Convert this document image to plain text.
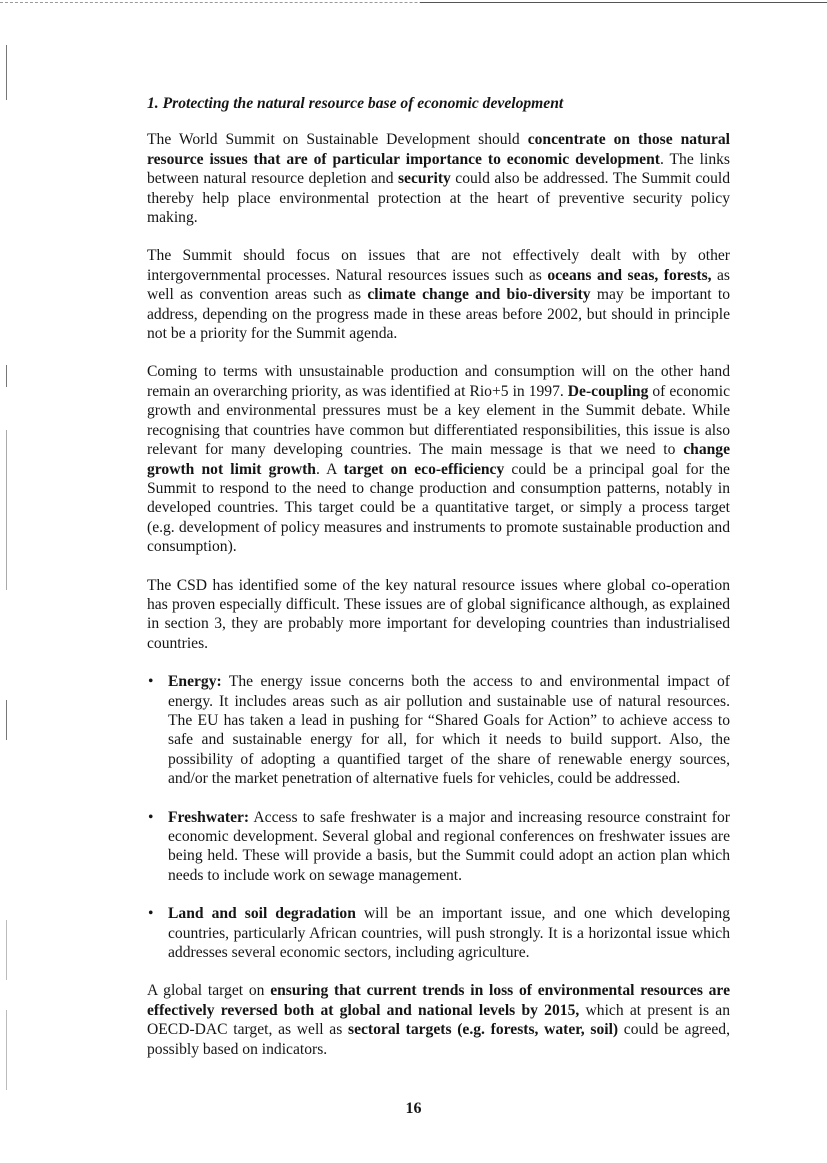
1. Protecting the natural resource base of economic development

The World Summit on Sustainable Development should concentrate on those natural resource issues that are of particular importance to economic development. The links between natural resource depletion and security could also be addressed. The Summit could thereby help place environmental protection at the heart of preventive security policy making.

The Summit should focus on issues that are not effectively dealt with by other intergovernmental processes. Natural resources issues such as oceans and seas, forests, as well as convention areas such as climate change and bio-diversity may be important to address, depending on the progress made in these areas before 2002, but should in principle not be a priority for the Summit agenda.

Coming to terms with unsustainable production and consumption will on the other hand remain an overarching priority, as was identified at Rio+5 in 1997. De-coupling of economic growth and environmental pressures must be a key element in the Summit debate. While recognising that countries have common but differentiated responsibilities, this issue is also relevant for many developing countries. The main message is that we need to change growth not limit growth. A target on eco-efficiency could be a principal goal for the Summit to respond to the need to change production and consumption patterns, notably in developed countries. This target could be a quantitative target, or simply a process target (e.g. development of policy measures and instruments to promote sustainable production and consumption).

The CSD has identified some of the key natural resource issues where global co-operation has proven especially difficult. These issues are of global significance although, as explained in section 3, they are probably more important for developing countries than industrialised countries.

• Energy: The energy issue concerns both the access to and environmental impact of energy. It includes areas such as air pollution and sustainable use of natural resources. The EU has taken a lead in pushing for “Shared Goals for Action” to achieve access to safe and sustainable energy for all, for which it needs to build support. Also, the possibility of adopting a quantified target of the share of renewable energy sources, and/or the market penetration of alternative fuels for vehicles, could be addressed.
• Freshwater: Access to safe freshwater is a major and increasing resource constraint for economic development. Several global and regional conferences on freshwater issues are being held. These will provide a basis, but the Summit could adopt an action plan which needs to include work on sewage management.
• Land and soil degradation will be an important issue, and one which developing countries, particularly African countries, will push strongly. It is a horizontal issue which addresses several economic sectors, including agriculture.

A global target on ensuring that current trends in loss of environmental resources are effectively reversed both at global and national levels by 2015, which at present is an OECD-DAC target, as well as sectoral targets (e.g. forests, water, soil) could be agreed, possibly based on indicators.

16
